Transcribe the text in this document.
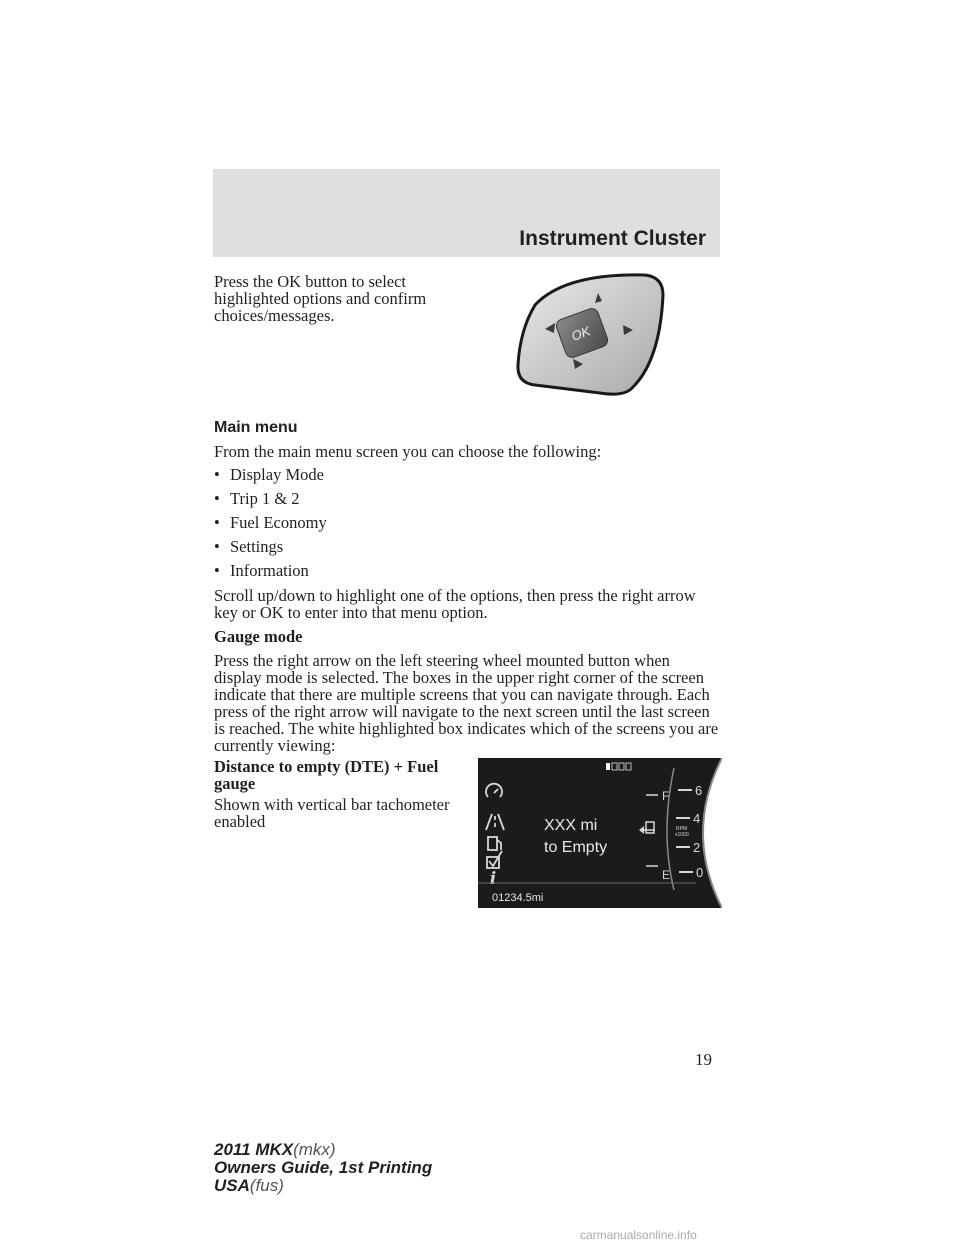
Instrument Cluster

Press the OK button to select highlighted options and confirm choices/messages.

OK
Main menu

From the main menu screen you can choose the following:

• Display Mode
• Trip 1 & 2
• Fuel Economy
• Settings
• Information

Scroll up/down to highlight one of the options, then press the right arrow key or OK to enter into that menu option.

Gauge mode

Press the right arrow on the left steering wheel mounted button when display mode is selected. The boxes in the upper right corner of the screen indicate that there are multiple screens that you can navigate through. Each press of the right arrow will navigate to the next screen until the last screen is reached. The white highlighted box indicates which of the screens you are currently viewing:

Distance to empty (DTE) + Fuel gauge

Shown with vertical bar tachometer enabled

i
XXX mi
to Empty
F
E
6
4
2
0
RPM
x1000
01234.5mi
19
2011 MKX(mkx)
Owners Guide, 1st Printing
USA(fus)
carmanualsonline.info
